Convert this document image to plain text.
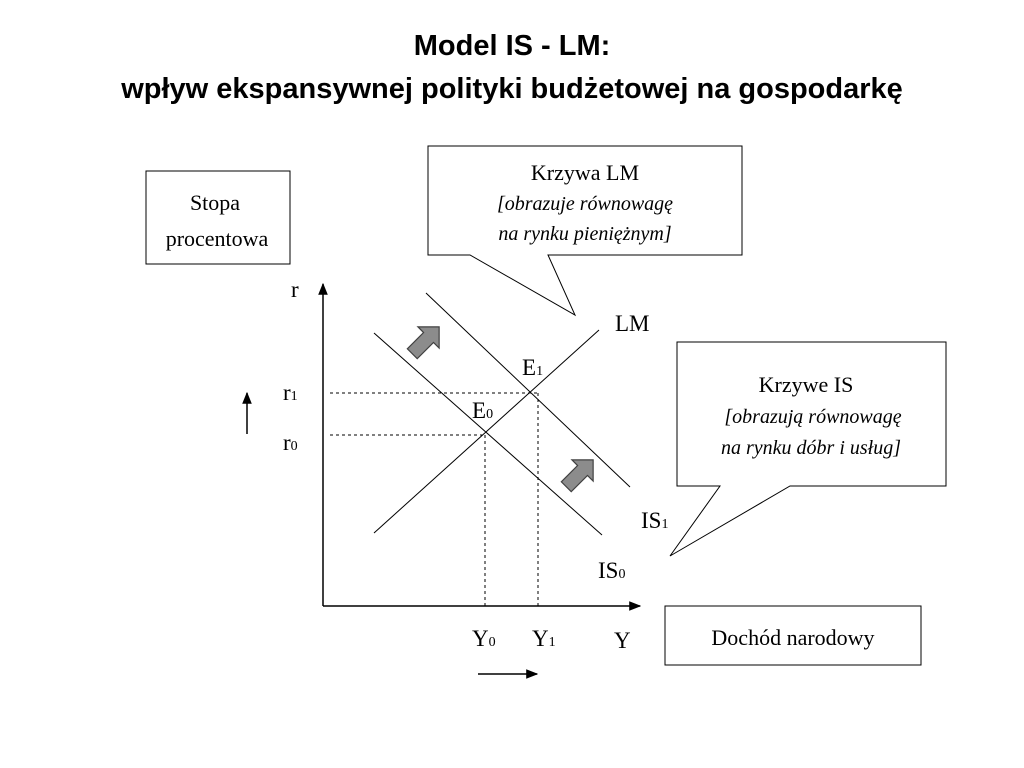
Model IS - LM:
wpływ ekspansywnej polityki budżetowej na gospodarkę
Stopa
procentowa
Krzywa LM
[obrazuje równowagę
na rynku pieniężnym]
Krzywe IS
[obrazują równowagę
na rynku dóbr i usług]
Dochód narodowy
r
Y
LM
IS1
IS0
E1
E0
r1
r0
Y0 Y1
